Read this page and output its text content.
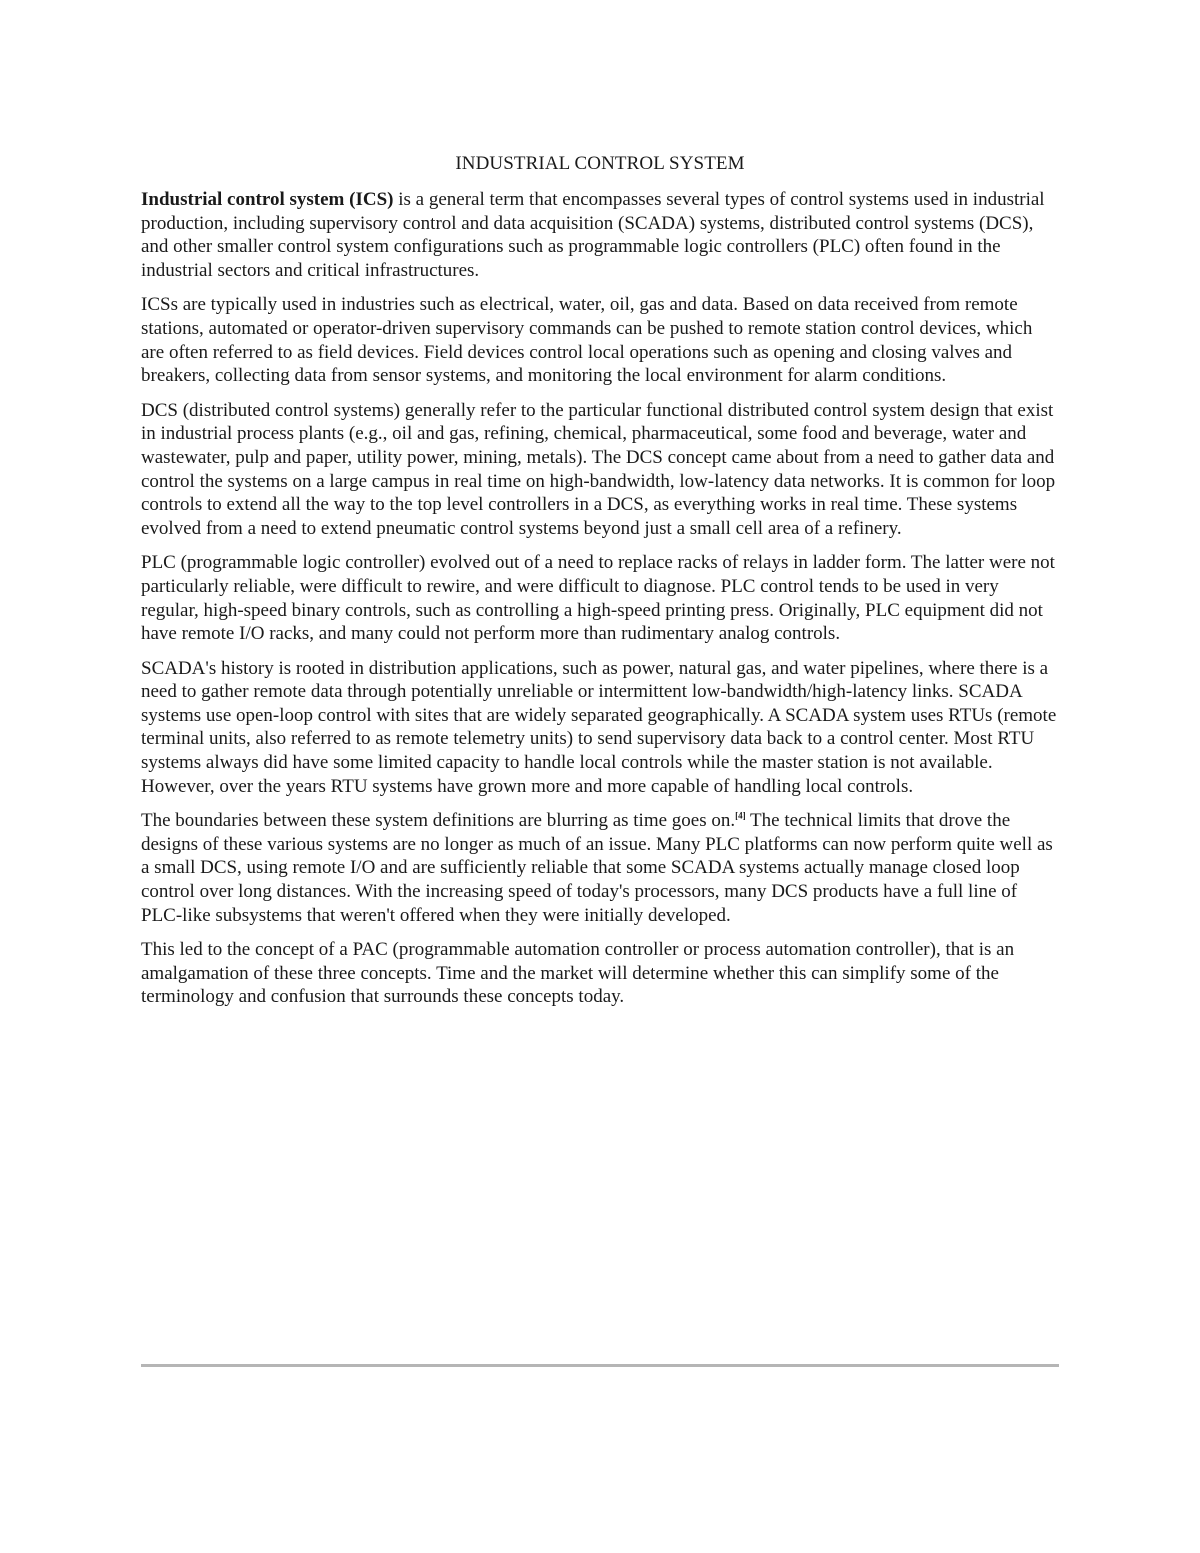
INDUSTRIAL CONTROL SYSTEM

Industrial control system (ICS) is a general term that encompasses several types of control systems used in industrial production, including supervisory control and data acquisition (SCADA) systems, distributed control systems (DCS), and other smaller control system configurations such as programmable logic controllers (PLC) often found in the industrial sectors and critical infrastructures.

ICSs are typically used in industries such as electrical, water, oil, gas and data. Based on data received from remote stations, automated or operator-driven supervisory commands can be pushed to remote station control devices, which are often referred to as field devices. Field devices control local operations such as opening and closing valves and breakers, collecting data from sensor systems, and monitoring the local environment for alarm conditions.

DCS (distributed control systems) generally refer to the particular functional distributed control system design that exist in industrial process plants (e.g., oil and gas, refining, chemical, pharmaceutical, some food and beverage, water and wastewater, pulp and paper, utility power, mining, metals). The DCS concept came about from a need to gather data and control the systems on a large campus in real time on high-bandwidth, low-latency data networks. It is common for loop controls to extend all the way to the top level controllers in a DCS, as everything works in real time. These systems evolved from a need to extend pneumatic control systems beyond just a small cell area of a refinery.

PLC (programmable logic controller) evolved out of a need to replace racks of relays in ladder form. The latter were not particularly reliable, were difficult to rewire, and were difficult to diagnose. PLC control tends to be used in very regular, high-speed binary controls, such as controlling a high-speed printing press. Originally, PLC equipment did not have remote I/O racks, and many could not perform more than rudimentary analog controls.

SCADA's history is rooted in distribution applications, such as power, natural gas, and water pipelines, where there is a need to gather remote data through potentially unreliable or intermittent low-bandwidth/high-latency links. SCADA systems use open-loop control with sites that are widely separated geographically. A SCADA system uses RTUs (remote terminal units, also referred to as remote telemetry units) to send supervisory data back to a control center. Most RTU systems always did have some limited capacity to handle local controls while the master station is not available. However, over the years RTU systems have grown more and more capable of handling local controls.

The boundaries between these system definitions are blurring as time goes on.[4] The technical limits that drove the designs of these various systems are no longer as much of an issue. Many PLC platforms can now perform quite well as a small DCS, using remote I/O and are sufficiently reliable that some SCADA systems actually manage closed loop control over long distances. With the increasing speed of today's processors, many DCS products have a full line of PLC-like subsystems that weren't offered when they were initially developed.

This led to the concept of a PAC (programmable automation controller or process automation controller), that is an amalgamation of these three concepts. Time and the market will determine whether this can simplify some of the terminology and confusion that surrounds these concepts today.
